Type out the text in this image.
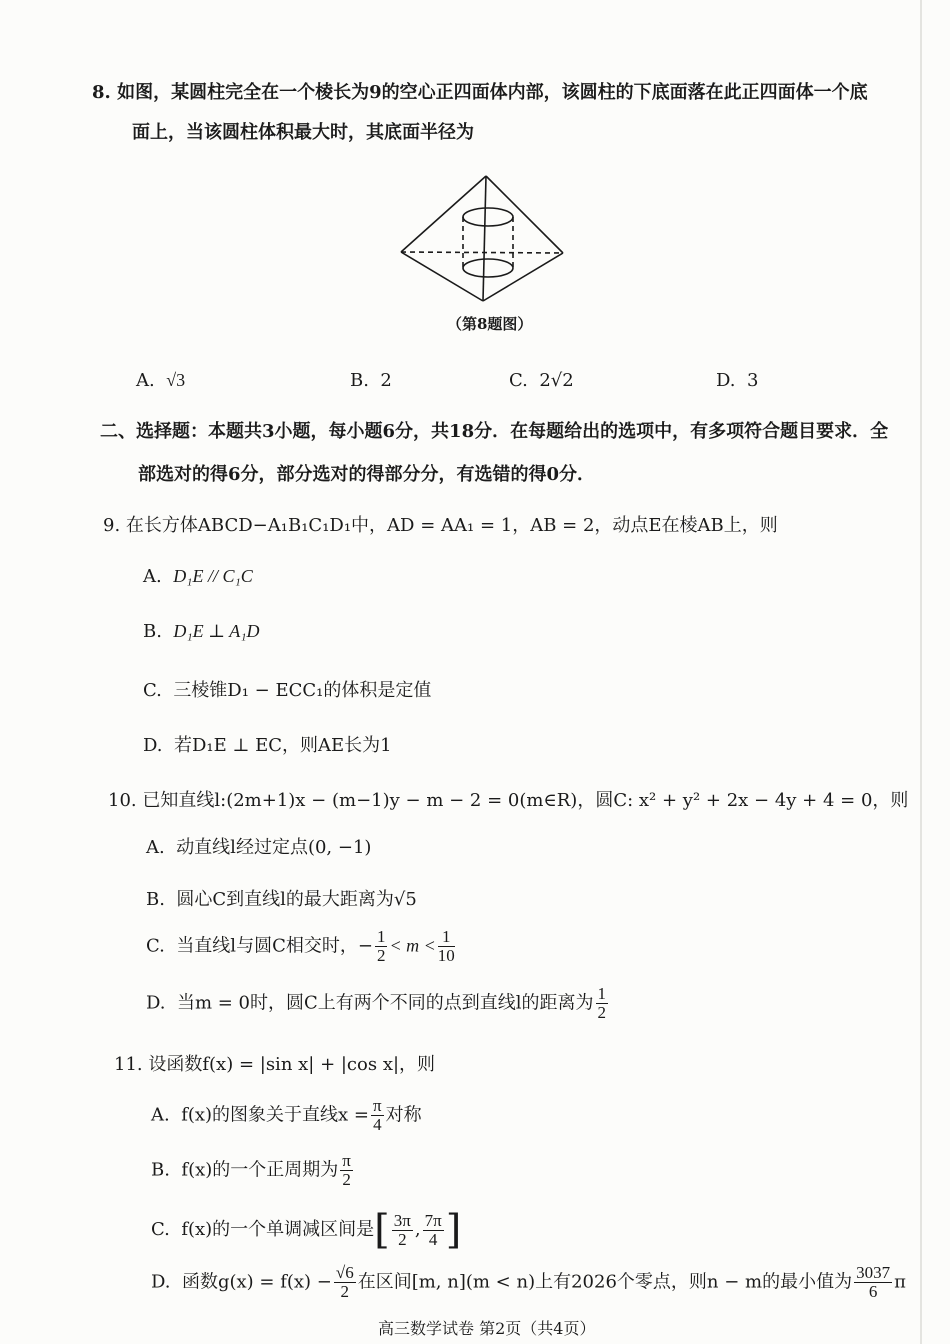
8. 如图，某圆柱完全在一个棱长为9的空心正四面体内部，该圆柱的下底面落在此正四面体一个底
面上，当该圆柱体积最大时，其底面半径为
（第8题图）
A. √3	B. 2	C. 2√2	D. 3
二、选择题：本题共3小题，每小题6分，共18分．在每题给出的选项中，有多项符合题目要求．全
部选对的得6分，部分选对的得部分分，有选错的得0分．
9. 在长方体ABCD−A₁B₁C₁D₁中，AD = AA₁ = 1，AB = 2，动点E在棱AB上，则
A. D₁E // C₁C
B. D₁E ⊥ A₁D
C. 三棱锥D₁ − ECC₁的体积是定值
D. 若D₁E ⊥ EC，则AE长为1
10. 已知直线l:(2m+1)x − (m−1)y − m − 2 = 0(m∈R)，圆C: x² + y² + 2x − 4y + 4 = 0，则
A. 动直线l经过定点(0, −1)
B. 圆心C到直线l的最大距离为√5
C. 当直线l与圆C相交时，− $\frac{1}{2} < m < \frac{1}{10}$
D. 当m = 0时，圆C上有两个不同的点到直线l的距离为 $\frac{1}{2}$
11. 设函数f(x) = |sin x| + |cos x|，则
A. f(x)的图象关于直线$x = \frac{\pi}{4}$ 对称
B. f(x)的一个正周期为 $\frac{\pi}{2}$
C. f(x)的一个单调减区间是[ $\frac{3\pi}{2}$ , $\frac{7\pi}{4}$ ]
D. 函数$g(x) = f(x) - \frac{√6}{2}$ 在区间[m, n](m < n)上有2026个零点，则n − m的最小值为 $\frac{3037}{6}$ π
高三数学试卷 第2页（共4页）
